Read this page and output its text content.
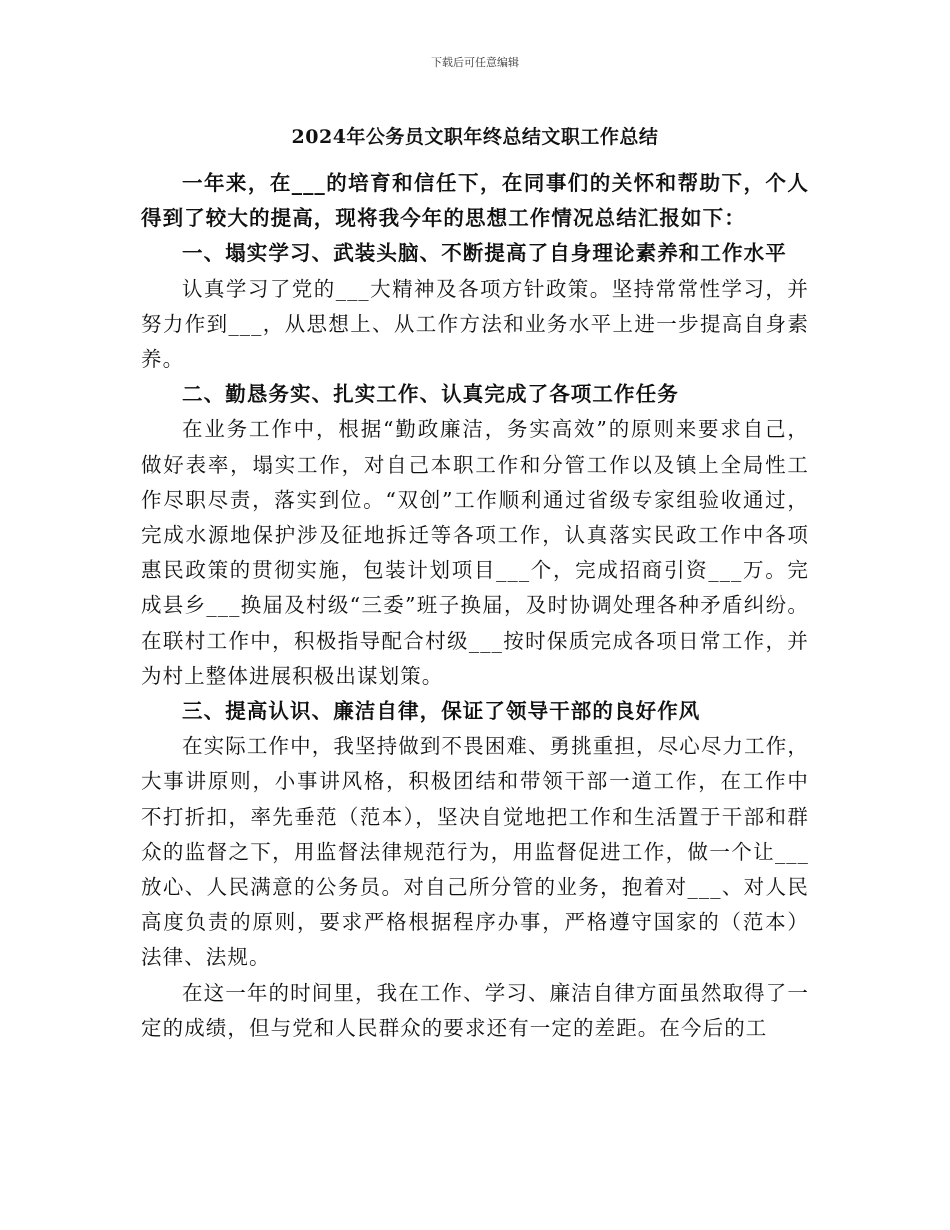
下载后可任意编辑
2024年公务员文职年终总结文职工作总结

一年来，在___的培育和信任下，在同事们的关怀和帮助下，个人得到了较大的提高，现将我今年的思想工作情况总结汇报如下：

一、塌实学习、武装头脑、不断提高了自身理论素养和工作水平

认真学习了党的___大精神及各项方针政策。坚持常常性学习，并努力作到___，从思想上、从工作方法和业务水平上进一步提高自身素养。

二、勤恳务实、扎实工作、认真完成了各项工作任务

在业务工作中，根据“勤政廉洁，务实高效”的原则来要求自己，做好表率，塌实工作，对自己本职工作和分管工作以及镇上全局性工作尽职尽责，落实到位。“双创”工作顺利通过省级专家组验收通过，完成水源地保护涉及征地拆迁等各项工作，认真落实民政工作中各项惠民政策的贯彻实施，包装计划项目___个，完成招商引资___万。完成县乡___换届及村级“三委”班子换届，及时协调处理各种矛盾纠纷。在联村工作中，积极指导配合村级___按时保质完成各项日常工作，并为村上整体进展积极出谋划策。

三、提高认识、廉洁自律，保证了领导干部的良好作风

在实际工作中，我坚持做到不畏困难、勇挑重担，尽心尽力工作，大事讲原则，小事讲风格，积极团结和带领干部一道工作，在工作中不打折扣，率先垂范（范本），坚决自觉地把工作和生活置于干部和群众的监督之下，用监督法律规范行为，用监督促进工作，做一个让___放心、人民满意的公务员。对自己所分管的业务，抱着对___、对人民高度负责的原则，要求严格根据程序办事，严格遵守国家的（范本）法律、法规。

在这一年的时间里，我在工作、学习、廉洁自律方面虽然取得了一定的成绩，但与党和人民群众的要求还有一定的差距。在今后的工
